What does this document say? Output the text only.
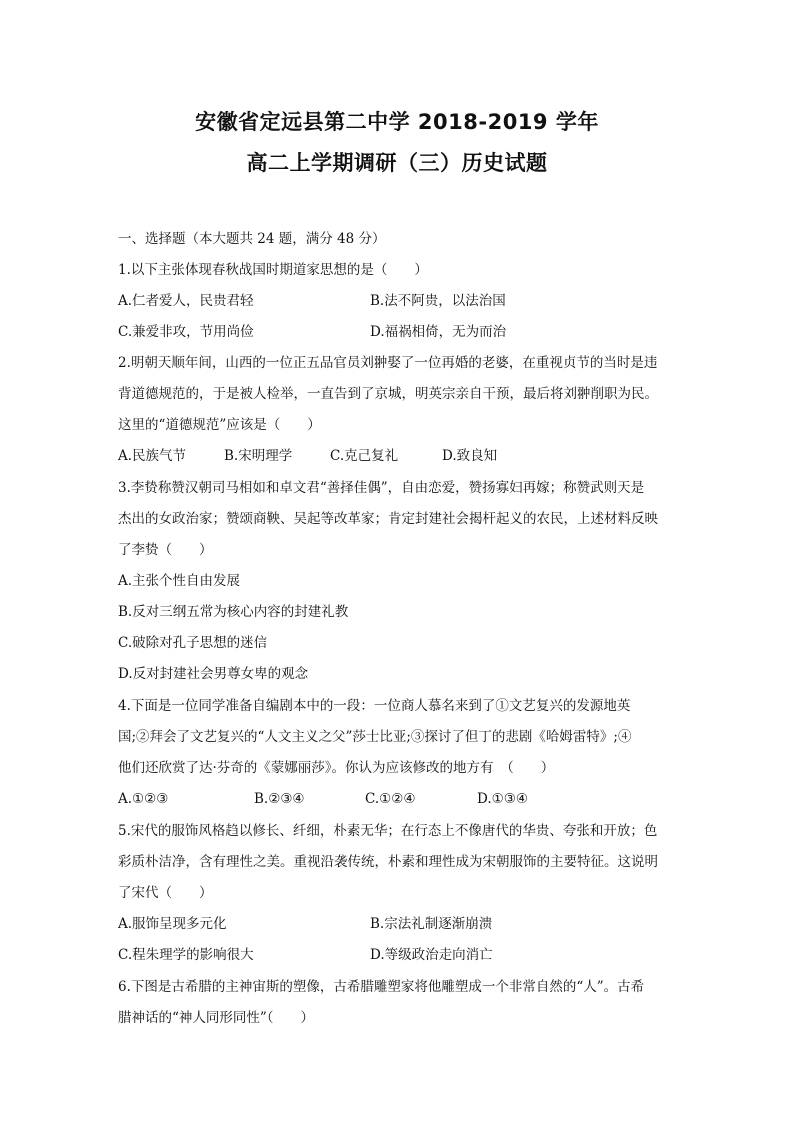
安徽省定远县第二中学 2018-2019 学年
高二上学期调研（三）历史试题
一、选择题（本大题共 24 题，满分 48 分）
1.以下主张体现春秋战国时期道家思想的是（　　）
A.仁者爱人，民贵君轻	B.法不阿贵，以法治国
C.兼爱非攻，节用尚俭	D.福祸相倚，无为而治
2.明朝天顺年间，山西的一位正五品官员刘翀娶了一位再婚的老婆，在重视贞节的当时是违
背道德规范的，于是被人检举，一直告到了京城，明英宗亲自干预，最后将刘翀削职为民。
这里的“道德规范”应该是（　　）
A.民族气节	B.宋明理学	C.克己复礼	D.致良知
3.李贽称赞汉朝司马相如和卓文君“善择佳偶”，自由恋爱，赞扬寡妇再嫁；称赞武则天是
杰出的女政治家；赞颂商鞅、吴起等改革家；肯定封建社会揭杆起义的农民，上述材料反映
了李贽（　　）
A.主张个性自由发展
B.反对三纲五常为核心内容的封建礼教
C.破除对孔子思想的迷信
D.反对封建社会男尊女卑的观念
4.下面是一位同学准备自编剧本中的一段：一位商人慕名来到了①文艺复兴的发源地英
国;②拜会了文艺复兴的“人文主义之父”莎士比亚;③探讨了但丁的悲剧《哈姆雷特》;④
他们还欣赏了达·芬奇的《蒙娜丽莎》。你认为应该修改的地方有　（　　）
A.①②③	B.②③④	C.①②④	D.①③④
5.宋代的服饰风格趋以修长、纤细，朴素无华；在行态上不像唐代的华贵、夸张和开放；色
彩质朴洁净，含有理性之美。重视沿袭传统，朴素和理性成为宋朝服饰的主要特征。这说明
了宋代（　　）
A.服饰呈现多元化	B.宗法礼制逐渐崩溃
C.程朱理学的影响很大	D.等级政治走向消亡
6.下图是古希腊的主神宙斯的塑像，古希腊雕塑家将他雕塑成一个非常自然的“人”。古希
腊神话的“神人同形同性”（　　）
